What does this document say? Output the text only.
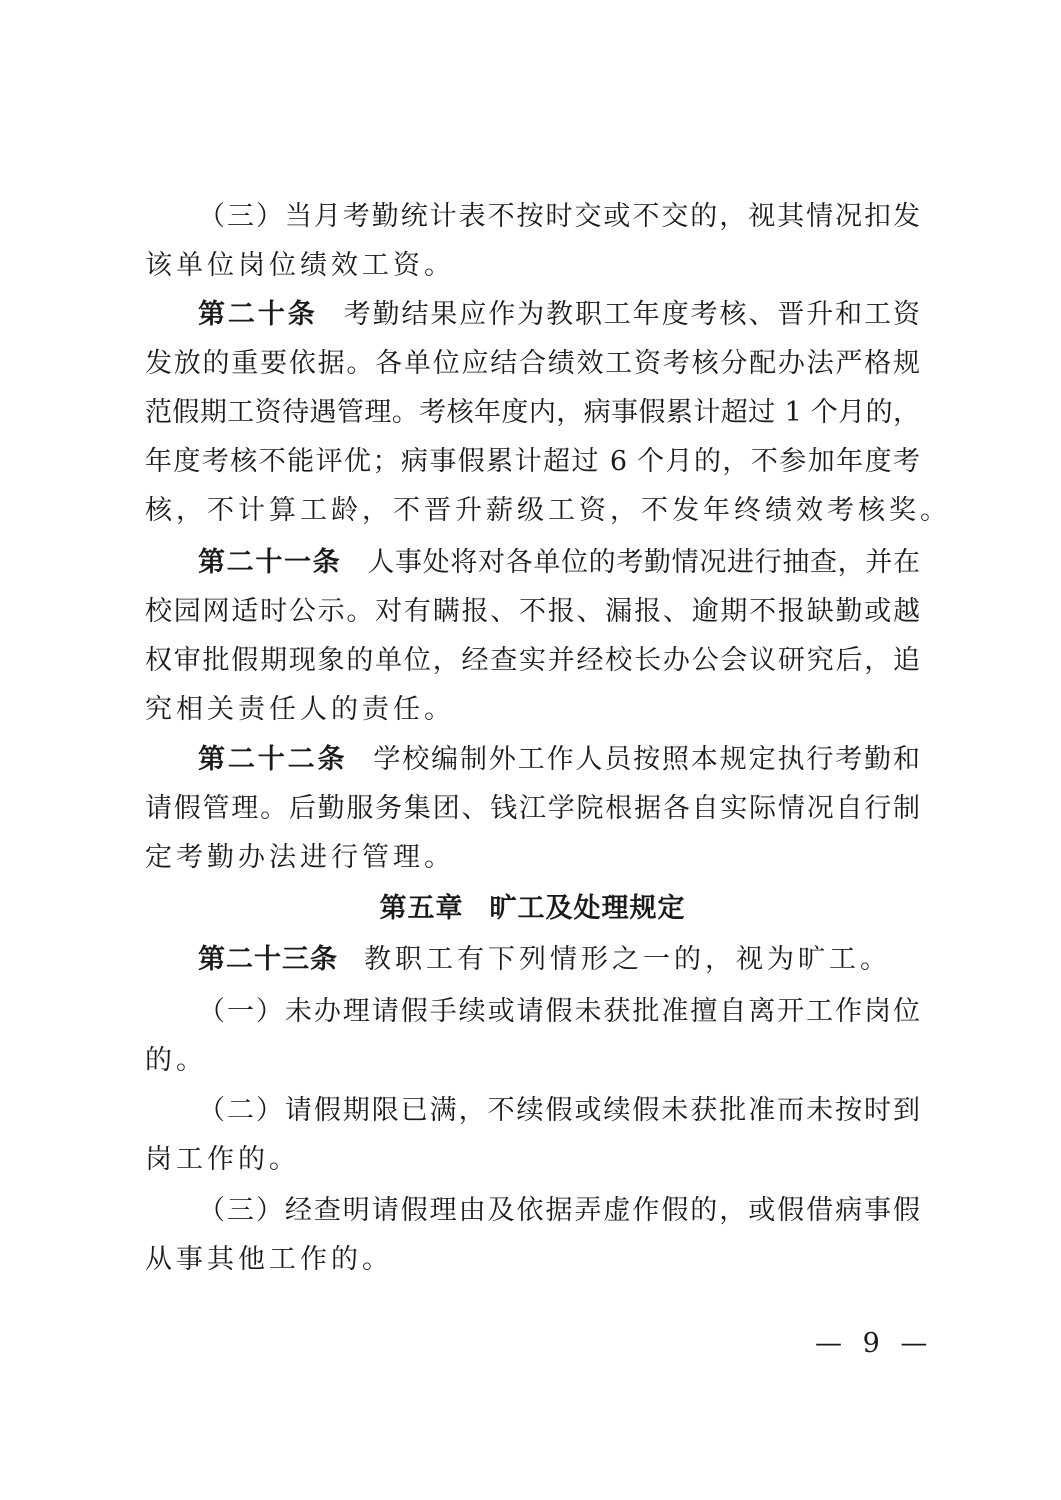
（三）当月考勤统计表不按时交或不交的，视其情况扣发
该单位岗位绩效工资。
第二十条 考勤结果应作为教职工年度考核、晋升和工资
发放的重要依据。各单位应结合绩效工资考核分配办法严格规
范假期工资待遇管理。考核年度内，病事假累计超过 1 个月的，
年度考核不能评优；病事假累计超过 6 个月的，不参加年度考
核，不计算工龄，不晋升薪级工资，不发年终绩效考核奖。
第二十一条 人事处将对各单位的考勤情况进行抽查，并在
校园网适时公示。对有瞒报、不报、漏报、逾期不报缺勤或越
权审批假期现象的单位，经查实并经校长办公会议研究后，追
究相关责任人的责任。
第二十二条 学校编制外工作人员按照本规定执行考勤和
请假管理。后勤服务集团、钱江学院根据各自实际情况自行制
定考勤办法进行管理。
第五章 旷工及处理规定
第二十三条 教职工有下列情形之一的，视为旷工。
（一）未办理请假手续或请假未获批准擅自离开工作岗位
的。
（二）请假期限已满，不续假或续假未获批准而未按时到
岗工作的。
（三）经查明请假理由及依据弄虚作假的，或假借病事假
从事其他工作的。
— 9 —
